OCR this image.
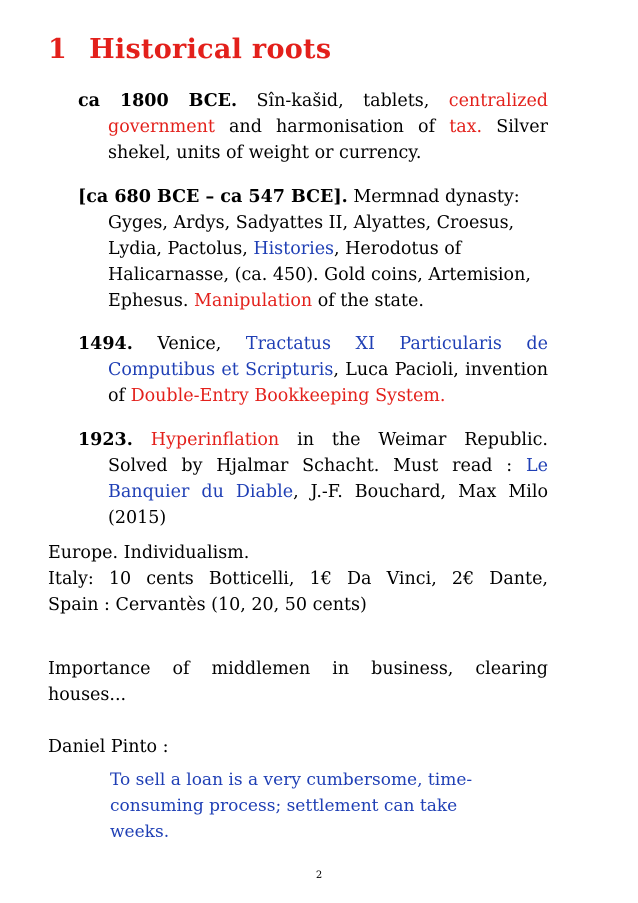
1 Historical roots

ca 1800 BCE. Sîn-kašid, tablets, centralized government and harmonisation of tax. Silver shekel, units of weight or currency.

[ca 680 BCE – ca 547 BCE]. Mermnad dynasty: Gyges, Ardys, Sadyattes II, Alyattes, Croesus, Lydia, Pactolus, Histories, Herodotus of Halicarnasse, (ca. 450). Gold coins, Artemision, Ephesus. Manipulation of the state.

1494. Venice, Tractatus XI Particularis de Computibus et Scripturis, Luca Pacioli, invention of Double-Entry Bookkeeping System.

1923. Hyperinflation in the Weimar Republic. Solved by Hjalmar Schacht. Must read : Le Banquier du Diable, J.-F. Bouchard, Max Milo (2015)

Europe. Individualism.
Italy: 10 cents Botticelli, 1€ Da Vinci, 2€ Dante,
Spain : Cervantès (10, 20, 50 cents)

Importance of middlemen in business, clearing houses...

Daniel Pinto :

To sell a loan is a very cumbersome, time-consuming process; settlement can take weeks.

2
